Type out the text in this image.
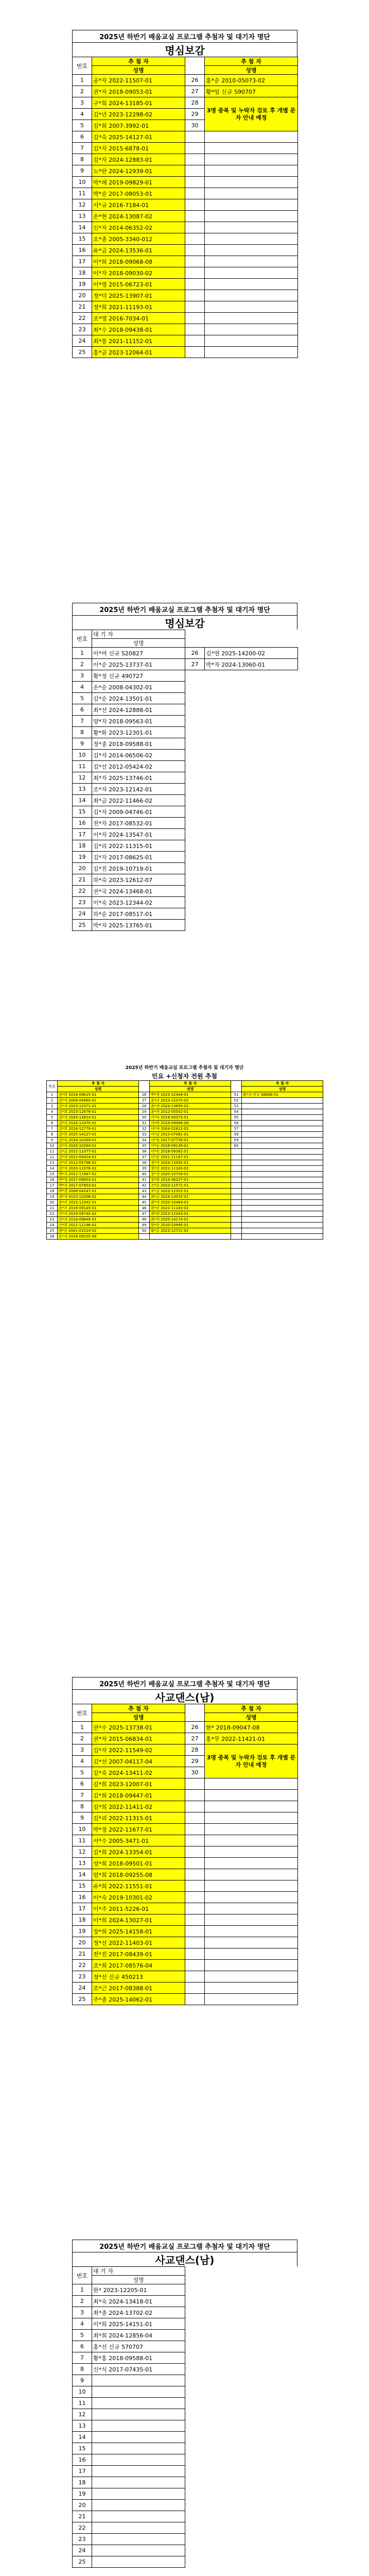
2025년 하반기 배움교실 프로그램 추첨자 및 대기자 명단
명심보감
번호	추 첨 자		추 첨 자
	성명		성명
1	공*자 2022-11507-01	26	홍*순 2010-05073-02
2	권*자 2018-09053-01	27	황*임 신규 S90707
3	구*희 2024-13185-01	28	3명 중복 및 누락자 검토 후 개별 문자 안내 예정
4	김*년 2023-12298-02	29	
5	김*희 2007-3992-01	30	
6	김*숙 2025-14127-01		
7	김*자 2015-6878-01		
8	김*자 2024-12883-01		
9	노*란 2024-12939-01		
10	박*례 2019-09829-01		
11	박*순 2017-08053-01		
12	서*규 2016-7184-01		
13	손*현 2024-13087-02		
14	신*자 2014-06352-02		
15	오*종 2005-3340-012		
16	유*금 2024-13536-01		
17	이*희 2018-09068-08		
18	이*자 2018-09030-02		
19	이*영 2015-06723-01		
20	정*덕 2025-13907-01		
21	정*희 2021-11193-01		
22	조*영 2016-7034-01		
23	최*수 2018-09438-01		
24	최*봉 2021-11152-01		
25	홍*금 2023-12064-01		
2025년 하반기 배움교실 프로그램 추첨자 및 대기자 명단
명심보감
번호	대 기 자		
	성명		
1	이*여 신규 S20827	26	김*연 2025-14200-02
2	이*순 2025-13737-01	27	박*자 2024-13060-01
3	황*정 신규 490727		
4	손*순 2008-04302-01		
5	김*순 2024-13501-01		
6	최*선 2024-12888-01		
7	양*자 2018-09563-01		
8	황*화 2023-12301-01		
9	정*종 2018-09588-01		
10	김*자 2014-06506-02		
11	김*선 2012-05424-02		
12	최*자 2025-13746-01		
13	조*자 2023-12142-01		
14	최*금 2022-11466-02		
15	김*자 2009-04746-01		
16	전*자 2017-08532-01		
17	이*자 2024-13547-01		
18	김*리 2022-11315-01		
19	김*자 2017-08625-01		
20	김*진 2019-10719-01		
21	하*숙 2023-12612-07		
22	권*국 2024-13468-01		
23	이*숙 2023-12344-02		
24	하*순 2017-08517-01		
25	박*자 2025-13765-01		
2025년 하반기 배움교실 프로그램 추첨자 및 대기자 명단
민요 +신청자 전원 추첨
번호	추 첨 자		추 첨 자		추 첨 자
	성명		성명		성명
1	강*희 2018-09615-01	26	박*경 2023-12449-01	51	홍*나 신규 S6808-01
2	권*자 2009-04680-01	27	윤*녀 2023-12370-02	52	
3	김*자 2023-12371-01	28	윤*자 2024-13695-02	53	
4	김*희 2023-12676-02	29	윤*자 2012-05542-01	54	
5	김*자 2024-12814-01	30	이*숙 2018-09373-01	55	
6	김*자 2024-12470-01	31	이*희 2018-09068-08	56	
7	김*희 2024-12779-01	32	이*자 2004-02812-02	57	
8	김*희 2025-14127-01	33	이*금 2015-07081-01	58	
9	김*숙 2018-10269-01	34	이*숙 2017-07758-01	59	
10	김*자 2020-10284-01	35	이*순 2018-09149-01	60	
11	김*금 2021-11077-01	36	이*옥 2018-09382-01		
12	김*자 2012-05424-02	37	이*순 2021-11167-01		
13	김*년 2012-05798-02	38	정*자 2024-13492-01		
14	김*자 2020-11078-02	39	정*선 2022-11183-02		
15	박*자 2021-11987-02	40	장*자 2020-10709-01		
16	박*정 2017-08853-01	41	장*희 2014-06227-01		
17	박*자 2017-07803-01	42	조*순 2022-11571-01		
18	박*경 2008-04247-01	43	조*금 2023-12352-01		
19	정*자 2023-12006-02	44	최*금 2024-13032-01		
20	송*이 2023-12342-01	45	최*자 2020-10484-01		
21	송*조 2018-09145-01	46	최*조 2021-11183-02		
22	신*자 2019-09740-02	47	최*란 2023-12343-01		
23	신*자 2018-09849-01	48	최*자 2025-14174-01		
24	신*희 2021-11196-01	49	한*순 2020-10995-01		
25	양*순 2001-01014-02	50	황*금 2023-12721-02		
26	유*자 2018-09255-08				
2025년 하반기 배움교실 프로그램 추첨자 및 대기자 명단
사교댄스(남)
번호	추 첨 자		추 첨 자
	성명		성명
1	권*수 2025-13738-01	26	한* 2018-09047-08
2	권*자 2015-06834-01	27	홍*무 2022-11421-01
3	김*자 2022-11549-02	28	3명 중복 및 누락자 검토 후 개별 문자 안내 예정
4	김*선 2007-04117-04	29	
5	김*숙 2024-13411-02	30	
6	김*희 2023-12007-01		
7	김*희 2018-09447-01		
8	김*희 2022-11411-02		
9	김*리 2022-11315-01		
10	박*정 2022-11677-01		
11	서*수 2005-3471-01		
12	김*희 2024-13354-01		
13	성*희 2018-09501-01		
14	엄*희 2018-09255-08		
15	유*희 2022-11551-01		
16	이*숙 2019-10301-02		
17	이*주 2011-5226-01		
18	이*희 2024-13027-01		
19	장*희 2025-14158-01		
20	정*선 2022-11403-01		
21	전*진 2017-08439-01		
22	조*희 2017-08576-04		
23	정*선 신규 450213		
24	조*근 2017-08388-01		
25	주*종 2025-14062-01		
2025년 하반기 배움교실 프로그램 추첨자 및 대기자 명단
사교댄스(남)
번호	대 기 자	
	성명	
1	한* 2023-12205-01	
2	최*숙 2024-13418-01	
3	최*종 2024-13702-02	
4	이*희 2025-14151-01	
5	최*희 2024-12856-04	
6	홍*선 신규 570707	
7	황*홍 2018-09588-01	
8	신*식 2017-07435-01	
9		
10		
11		
12		
13		
14		
15		
16		
17		
18		
19		
20		
21		
22		
23		
24		
25		
